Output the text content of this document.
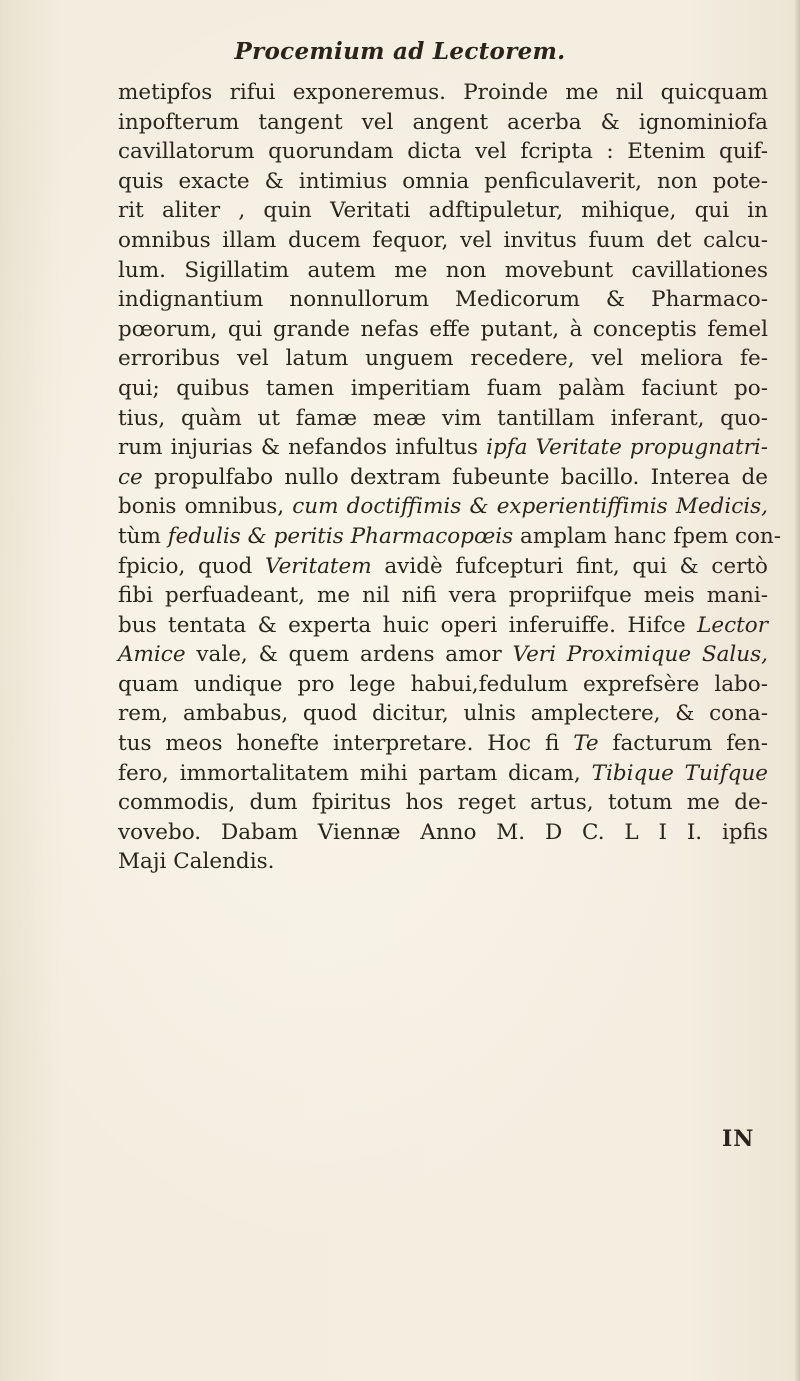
Procemium ad Lectorem.
metipfos rifui exponeremus. Proinde me nil quicquam
inpofterum tangent vel angent acerba & ignominiofa
cavillatorum quorundam dicta vel fcripta : Etenim quif-
quis exacte & intimius omnia penficulaverit, non pote-
rit aliter , quin Veritati adftipuletur, mihique, qui in
omnibus illam ducem fequor, vel invitus fuum det calcu-
lum. Sigillatim autem me non movebunt cavillationes
indignantium nonnullorum Medicorum & Pharmaco-
pœorum, qui grande nefas effe putant, à conceptis femel
erroribus vel latum unguem recedere, vel meliora fe-
qui; quibus tamen imperitiam fuam palàm faciunt po-
tius, quàm ut famæ meæ vim tantillam inferant, quo-
rum injurias & nefandos infultus ipfa Veritate propugnatri-
ce propulfabo nullo dextram fubeunte bacillo. Interea de
bonis omnibus, cum doctiffimis & experientiffimis Medicis,
tùm fedulis & peritis Pharmacopœis amplam hanc fpem con-
fpicio, quod Veritatem avidè fufcepturi fint, qui & certò
fibi perfuadeant, me nil nifi vera propriifque meis mani-
bus tentata & experta huic operi inferuiffe. Hifce Lector
Amice vale, & quem ardens amor Veri Proximique Salus,
quam undique pro lege habui,fedulum exprefsère labo-
rem, ambabus, quod dicitur, ulnis amplectere, & cona-
tus meos honefte interpretare. Hoc fi Te facturum fen-
fero, immortalitatem mihi partam dicam, Tibique Tuifque
commodis, dum fpiritus hos reget artus, totum me de-
vovebo. Dabam Viennæ Anno M. D C. L I I. ipfis
Maji Calendis.
IN
